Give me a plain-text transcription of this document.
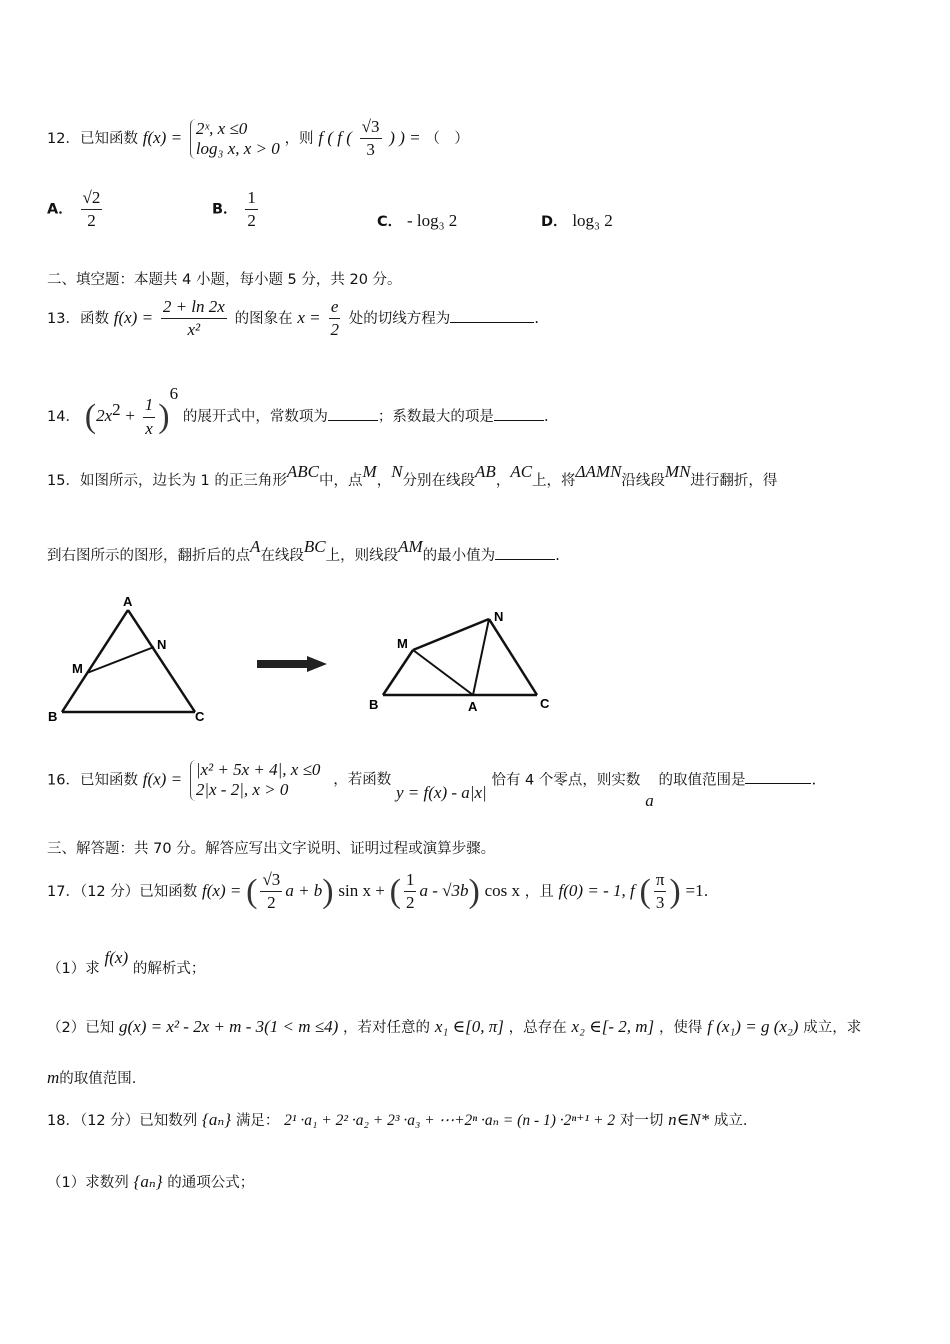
12．已知函数 f(x) = 2ˣ, x ≤0
log₃ x, x > 0 ，则 f ( f ( $\frac{√3}{3}$ ) ) = （　）
A． $\frac{√2}{2}$	B． $\frac{1}{2}$	C． - log₃ 2	D． log₃ 2
二、填空题：本题共 4 小题，每小题 5 分，共 20 分。
13．函数 $f(x) = \frac{2 + \ln 2x}{\text{x²}}$ 的图象在 $x = \frac{e}{2}$ 处的切线方程为	.
14． $(2x^2 + \frac{1}{x} )^6$ 的展开式中，常数项为	；系数最大的项是	.
15．如图所示，边长为 1 的正三角形ABC中，点M，N分别在线段AB，AC上，将ΔAMN沿线段MN进行翻折，得
到右图所示的图形，翻折后的点A在线段BC上，则线段AM的最小值为	.
A
B	C
M
N	M
N
B	A	C
16．已知函数 f(x) = |x² + 5x + 4|, x ≤0
2|x - 2|, x > 0	，若函数 y = f(x) - a|x| 恰有 4 个零点，则实数 a 的取值范围是	.
三、解答题：共 70 分。解答应写出文字说明、证明过程或演算步骤。
17．（12 分）已知函数 f(x) = ( $\frac{√3}{2}$ a + b) sin x + ( $\frac{1}{2}$ a - √3b) cos x ，且 f(0) = - 1, f ( $\frac{\pi}{3}$ ) =1.
（1）求 f(x) 的解析式；
（2）已知 g(x) = x² - 2x + m - 3(1 < m ≤4) ，若对任意的 x₁ ∈[0, π] ，总存在 x₂ ∈[- 2, m] ，使得 f (x₁) = g (x₂) 成立，求
m的取值范围.
18．（12 分）已知数列 {aₙ} 满足： 2¹ ·a₁ + 2² ·a₂ + 2³ ·a₃ + ⋯+2ⁿ ·aₙ = (n - 1) ·2ⁿ⁺¹ + 2 对一切 n∈N* 成立.
（1）求数列 {aₙ} 的通项公式；
